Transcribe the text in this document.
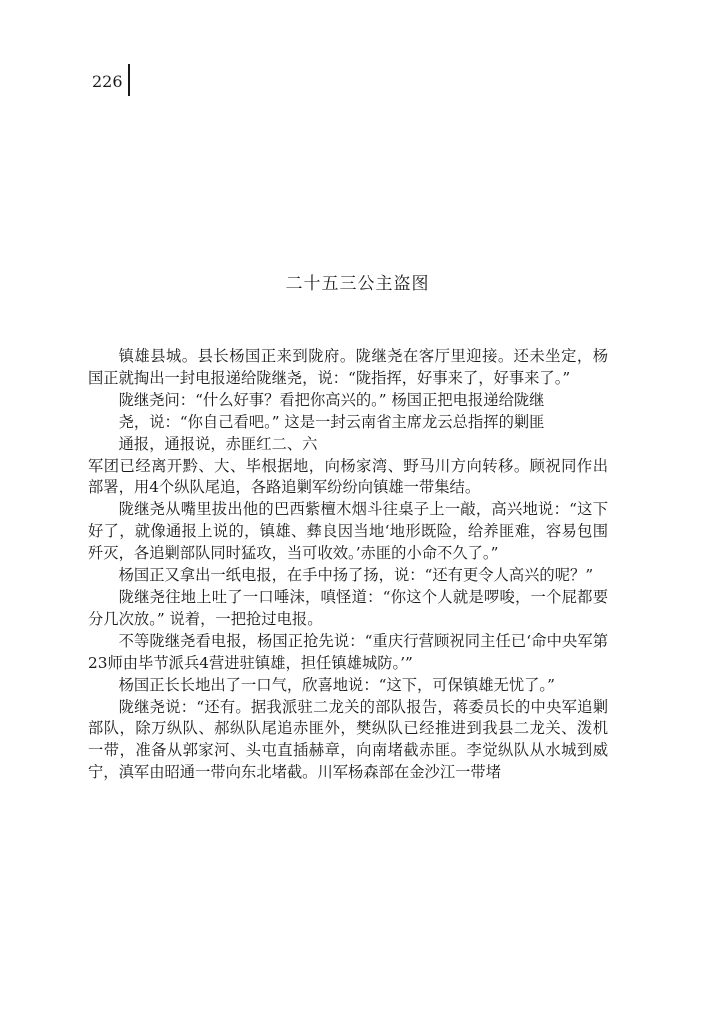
226
二十五三公主盗图

镇雄县城。县长杨国正来到陇府。陇继尧在客厅里迎接。还未坐定，杨国正就掏出一封电报递给陇继尧，说：“陇指挥，好事来了，好事来了。”

陇继尧问：“什么好事？看把你高兴的。” 杨国正把电报递给陇继

尧，说：“你自己看吧。” 这是一封云南省主席龙云总指挥的剿匪

通报，通报说，赤匪红二、六

军团已经离开黔、大、毕根据地，向杨家湾、野马川方向转移。顾祝同作出部署，用4个纵队尾追，各路追剿军纷纷向镇雄一带集结。

陇继尧从嘴里拔出他的巴西紫檀木烟斗往桌子上一敲，高兴地说：“这下好了，就像通报上说的，镇雄、彝良因当地‘地形既险，给养匪难，容易包围歼灭，各追剿部队同时猛攻，当可收效。’赤匪的小命不久了。”

杨国正又拿出一纸电报，在手中扬了扬，说：“还有更令人高兴的呢？”

陇继尧往地上吐了一口唾沫，嗔怪道：“你这个人就是啰唆，一个屁都要分几次放。” 说着，一把抢过电报。

不等陇继尧看电报，杨国正抢先说：“重庆行营顾祝同主任已‘命中央军第23师由毕节派兵4营进驻镇雄，担任镇雄城防。’”

杨国正长长地出了一口气，欣喜地说：“这下，可保镇雄无忧了。”

陇继尧说：“还有。据我派驻二龙关的部队报告，蒋委员长的中央军追剿部队，除万纵队、郝纵队尾追赤匪外，樊纵队已经推进到我县二龙关、泼机一带，准备从郭家河、头屯直插赫章，向南堵截赤匪。李觉纵队从水城到威宁，滇军由昭通一带向东北堵截。川军杨森部在金沙江一带堵
